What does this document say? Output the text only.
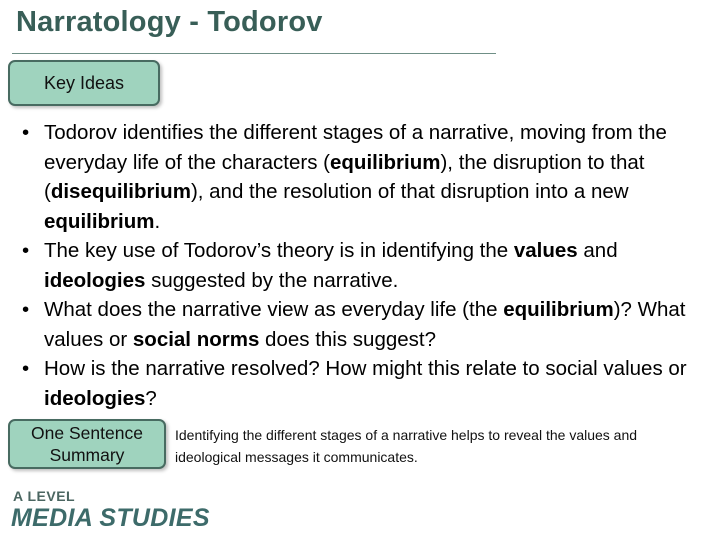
Narratology - Todorov
Key Ideas
• Todorov identifies the different stages of a narrative, moving from the everyday life of the characters (equilibrium), the disruption to that (disequilibrium), and the resolution of that disruption into a new equilibrium.
• The key use of Todorov’s theory is in identifying the values and ideologies suggested by the narrative.
• What does the narrative view as everyday life (the equilibrium)? What values or social norms does this suggest?
• How is the narrative resolved? How might this relate to social values or ideologies?
One Sentence
Summary
Identifying the different stages of a narrative helps to reveal the values and ideological messages it communicates.
A LEVEL
MEDIA STUDIES
